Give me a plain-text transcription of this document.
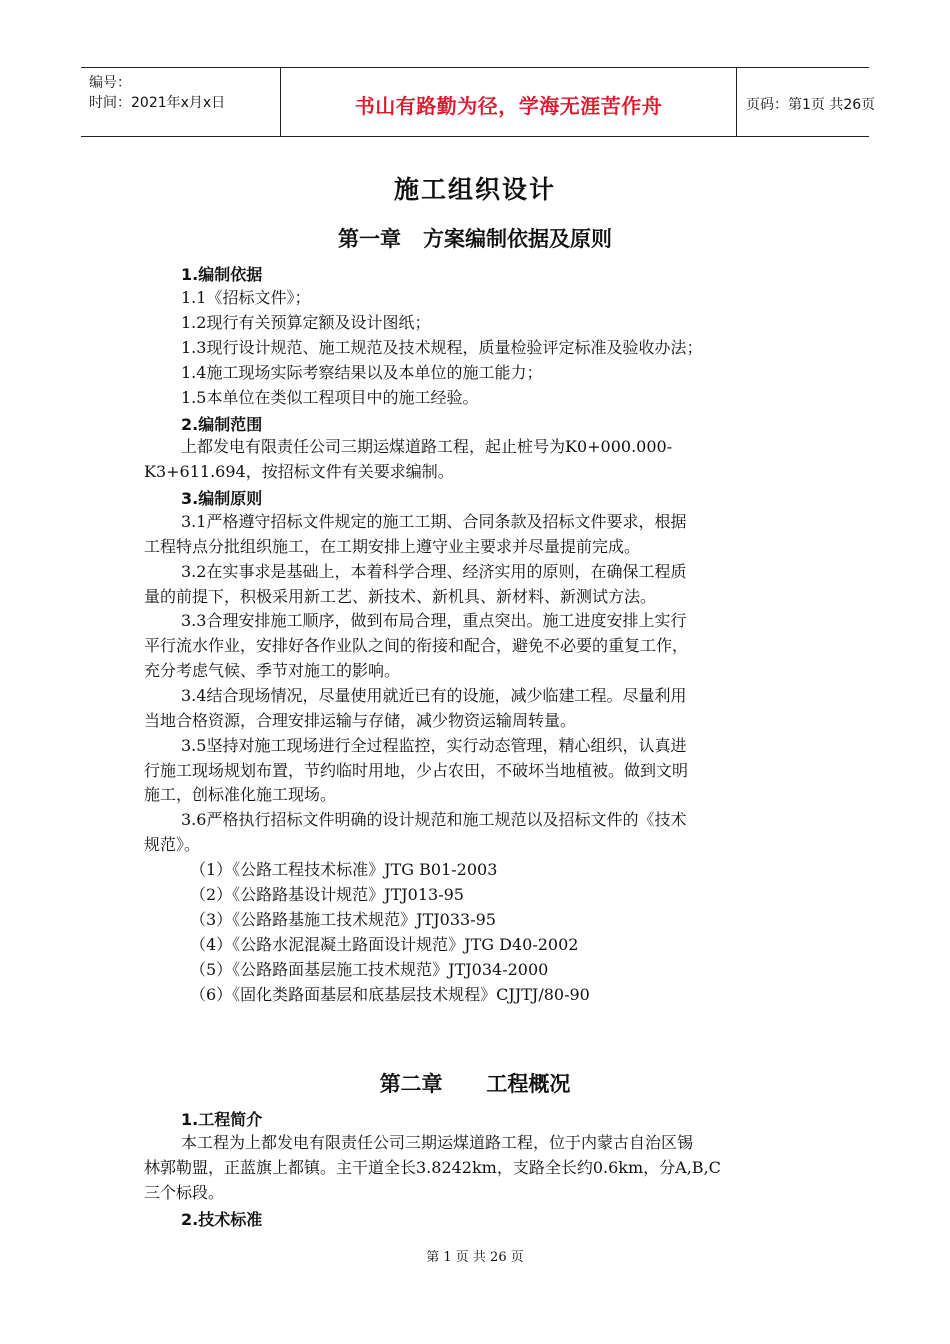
编号：
时间：2021年x月x日	书山有路勤为径，学海无涯苦作舟	页码：第1页 共26页
施工组织设计
第一章   方案编制依据及原则
1.编制依据
1.1《招标文件》；
1.2现行有关预算定额及设计图纸；
1.3现行设计规范、施工规范及技术规程，质量检验评定标准及验收办法；
1.4施工现场实际考察结果以及本单位的施工能力；
1.5本单位在类似工程项目中的施工经验。
2.编制范围
上都发电有限责任公司三期运煤道路工程，起止桩号为K0+000.000-
K3+611.694，按招标文件有关要求编制。
3.编制原则
3.1严格遵守招标文件规定的施工工期、合同条款及招标文件要求，根据
工程特点分批组织施工，在工期安排上遵守业主要求并尽量提前完成。
3.2在实事求是基础上，本着科学合理、经济实用的原则，在确保工程质
量的前提下，积极采用新工艺、新技术、新机具、新材料、新测试方法。
3.3合理安排施工顺序，做到布局合理，重点突出。施工进度安排上实行
平行流水作业，安排好各作业队之间的衔接和配合，避免不必要的重复工作，
充分考虑气候、季节对施工的影响。
3.4结合现场情况，尽量使用就近已有的设施，减少临建工程。尽量利用
当地合格资源，合理安排运输与存储，减少物资运输周转量。
3.5坚持对施工现场进行全过程监控，实行动态管理，精心组织，认真进
行施工现场规划布置，节约临时用地，少占农田，不破坏当地植被。做到文明
施工，创标准化施工现场。
3.6严格执行招标文件明确的设计规范和施工规范以及招标文件的《技术
规范》。
（1）《公路工程技术标准》JTG B01-2003
（2）《公路路基设计规范》JTJ013-95
（3）《公路路基施工技术规范》JTJ033-95
（4）《公路水泥混凝土路面设计规范》JTG D40-2002
（5）《公路路面基层施工技术规范》JTJ034-2000
（6）《固化类路面基层和底基层技术规程》CJJTJ/80-90
第二章      工程概况
1.工程简介
本工程为上都发电有限责任公司三期运煤道路工程，位于内蒙古自治区锡
林郭勒盟，正蓝旗上都镇。主干道全长3.8242km，支路全长约0.6km，分A,B,C
三个标段。
2.技术标准
第 1 页 共 26 页
